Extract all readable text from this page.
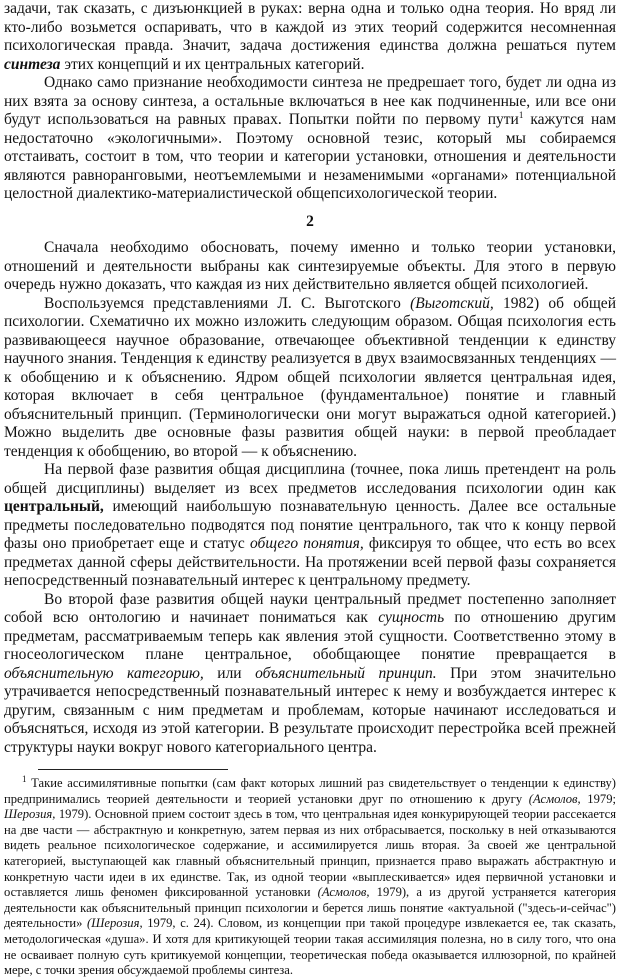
задачи, так сказать, с дизъюнкцией в руках: верна одна и только одна теория. Но вряд ли кто-либо возьмется оспаривать, что в каждой из этих теорий содержится несомненная психологическая правда. Значит, задача достижения единства должна решаться путем синтеза этих концепций и их центральных категорий.

Однако само признание необходимости синтеза не предрешает того, будет ли одна из них взята за основу синтеза, а остальные включаться в нее как подчиненные, или все они будут использоваться на равных правах. Попытки пойти по первому пути$^1$ кажутся нам недостаточно «экологичными». Поэтому основной тезис, который мы собираемся отстаивать, состоит в том, что теории и категории установки, отношения и деятельности являются равноранговыми, неотъемлемыми и незаменимыми «органами» потенциальной целостной диалектико-материалистической общепсихологической теории.

2

Сначала необходимо обосновать, почему именно и только теории установки, отношений и деятельности выбраны как синтезируемые объекты. Для этого в первую очередь нужно доказать, что каждая из них действительно является общей психологией.

Воспользуемся представлениями Л. С. Выготского (Выготский, 1982) об общей психологии. Схематично их можно изложить следующим образом. Общая психология есть развивающееся научное образование, отвечающее объективной тенденции к единству научного знания. Тенденция к единству реализуется в двух взаимосвязанных тенденциях — к обобщению и к объяснению. Ядром общей психологии является центральная идея, которая включает в себя центральное (фундаментальное) понятие и главный объяснительный принцип. (Терминологически они могут выражаться одной категорией.) Можно выделить две основные фазы развития общей науки: в первой преобладает тенденция к обобщению, во второй — к объяснению.

На первой фазе развития общая дисциплина (точнее, пока лишь претендент на роль общей дисциплины) выделяет из всех предметов исследования психологии один как центральный, имеющий наибольшую познавательную ценность. Далее все остальные предметы последовательно подводятся под понятие центрального, так что к концу первой фазы оно приобретает еще и статус общего понятия, фиксируя то общее, что есть во всех предметах данной сферы действительности. На протяжении всей первой фазы сохраняется непосредственный познавательный интерес к центральному предмету.

Во второй фазе развития общей науки центральный предмет постепенно заполняет собой всю онтологию и начинает пониматься как сущность по отношению другим предметам, рассматриваемым теперь как явления этой сущности. Соответственно этому в гносеологическом плане центральное, обобщающее понятие превращается в объяснительную категорию, или объяснительный принцип. При этом значительно утрачивается непосредственный познавательный интерес к нему и возбуждается интерес к другим, связанным с ним предметам и проблемам, которые начинают исследоваться и объясняться, исходя из этой категории. В результате происходит перестройка всей прежней структуры науки вокруг нового категориального центра.

$^1$ Такие ассимилятивные попытки (сам факт которых лишний раз свидетельствует о тенденции к единству) предпринимались теорией деятельности и теорией установки друг по отношению к другу (Асмолов, 1979; Шерозия, 1979). Основной прием состоит здесь в том, что центральная идея конкурирующей теории рассекается на две части — абстрактную и конкретную, затем первая из них отбрасывается, поскольку в ней отказываются видеть реальное психологическое содержание, и ассимилируется лишь вторая. За своей же центральной категорией, выступающей как главный объяснительный принцип, признается право выражать абстрактную и конкретную части идеи в их единстве. Так, из одной теории «выплескивается» идея первичной установки и оставляется лишь феномен фиксированной установки (Асмолов, 1979), а из другой устраняется категория деятельности как объяснительный принцип психологии и берется лишь понятие «актуальной ("здесь-и-сейчас") деятельности» (Шерозия, 1979, с. 24). Словом, из концепции при такой процедуре извлекается ее, так сказать, методологическая «душа». И хотя для критикующей теории такая ассимиляция полезна, но в силу того, что она не осваивает полную суть критикуемой концепции, теоретическая победа оказывается иллюзорной, по крайней мере, с точки зрения обсуждаемой проблемы синтеза.
